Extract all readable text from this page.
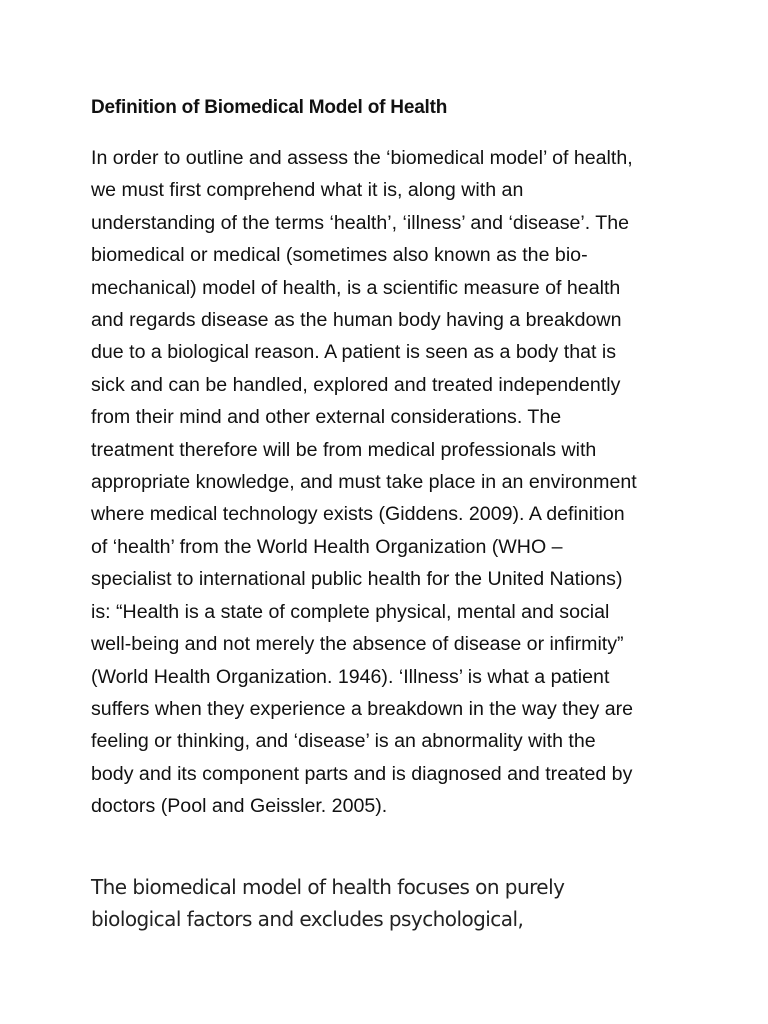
Definition of Biomedical Model of Health

In order to outline and assess the ‘biomedical model’ of health,
we must first comprehend what it is, along with an
understanding of the terms ‘health’, ‘illness’ and ‘disease’. The
biomedical or medical (sometimes also known as the bio-
mechanical) model of health, is a scientific measure of health
and regards disease as the human body having a breakdown
due to a biological reason. A patient is seen as a body that is
sick and can be handled, explored and treated independently
from their mind and other external considerations. The
treatment therefore will be from medical professionals with
appropriate knowledge, and must take place in an environment
where medical technology exists (Giddens. 2009). A definition
of ‘health’ from the World Health Organization (WHO –
specialist to international public health for the United Nations)
is: “Health is a state of complete physical, mental and social
well-being and not merely the absence of disease or infirmity”
(World Health Organization. 1946). ‘Illness’ is what a patient
suffers when they experience a breakdown in the way they are
feeling or thinking, and ‘disease’ is an abnormality with the
body and its component parts and is diagnosed and treated by
doctors (Pool and Geissler. 2005).

The biomedical model of health focuses on purely
biological factors and excludes psychological,
